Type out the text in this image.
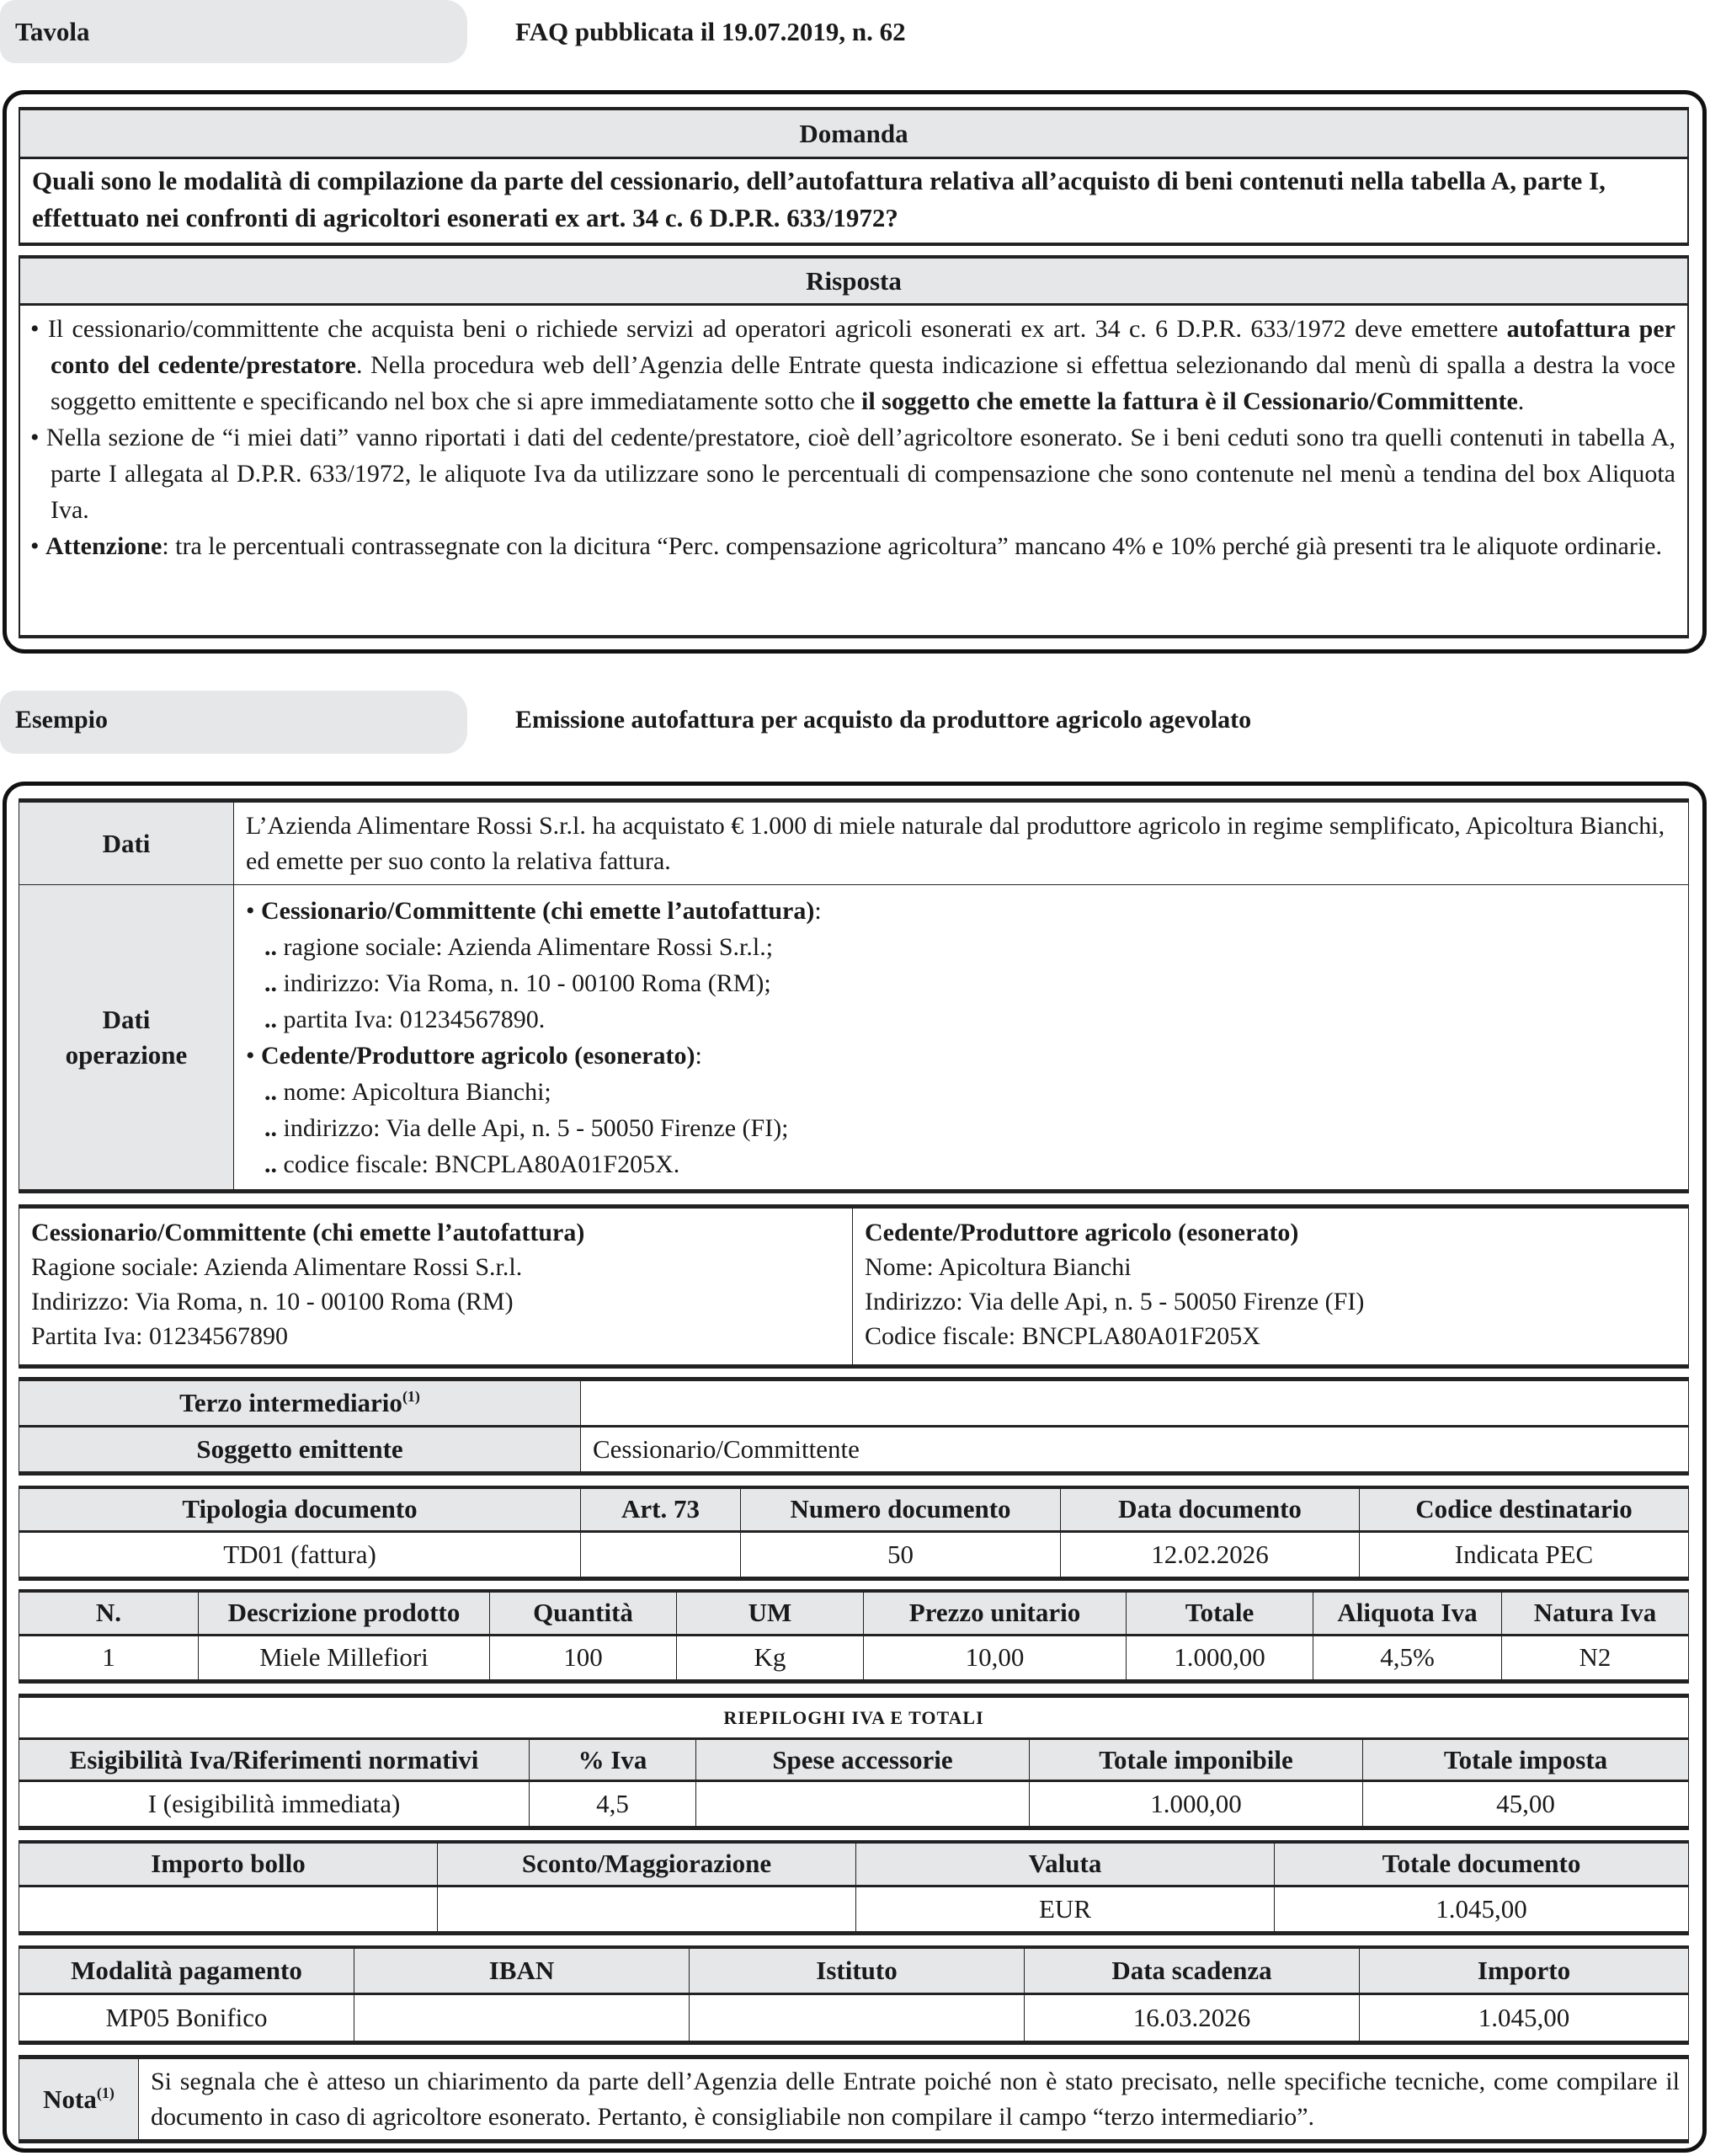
Tavola	FAQ pubblicata il 19.07.2019, n. 62
Domanda
Quali sono le modalità di compilazione da parte del cessionario, dell’autofattura relativa all’acquisto di beni contenuti nella tabella A, parte I, effettuato nei confronti di agricoltori esonerati ex art. 34 c. 6 D.P.R. 633/1972?
Risposta

• Il cessionario/committente che acquista beni o richiede servizi ad operatori agricoli esonerati ex art. 34 c. 6 D.P.R. 633/1972 deve emettere autofattura per conto del cedente/prestatore. Nella procedura web dell’Agenzia delle Entrate questa indicazione si effettua selezionando dal menù di spalla a destra la voce soggetto emittente e specificando nel box che si apre immediatamente sotto che il soggetto che emette la fattura è il Cessionario/Committente.

• Nella sezione de “i miei dati” vanno riportati i dati del cedente/prestatore, cioè dell’agricoltore esonerato. Se i beni ceduti sono tra quelli contenuti in tabella A, parte I allegata al D.P.R. 633/1972, le aliquote Iva da utilizzare sono le percentuali di compensazione che sono contenute nel menù a tendina del box Aliquota Iva.

• Attenzione: tra le percentuali contrassegnate con la dicitura “Perc. compensazione agricoltura” mancano 4% e 10% perché già presenti tra le aliquote ordinarie.

Esempio	Emissione autofattura per acquisto da produttore agricolo agevolato
Dati	L’Azienda Alimentare Rossi S.r.l. ha acquistato € 1.000 di miele naturale dal produttore agricolo in regime semplificato, Apicoltura Bianchi, ed emette per suo conto la relativa fattura.

Dati
operazione

• Cessionario/Committente (chi emette l’autofattura):
.. ragione sociale: Azienda Alimentare Rossi S.r.l.;
.. indirizzo: Via Roma, n. 10 - 00100 Roma (RM);
.. partita Iva: 01234567890.
• Cedente/Produttore agricolo (esonerato):
.. nome: Apicoltura Bianchi;
.. indirizzo: Via delle Api, n. 5 - 50050 Firenze (FI);
.. codice fiscale: BNCPLA80A01F205X.
Cessionario/Committente (chi emette l’autofattura)
Ragione sociale: Azienda Alimentare Rossi S.r.l.
Indirizzo: Via Roma, n. 10 - 00100 Roma (RM)
Partita Iva: 01234567890

Cedente/Produttore agricolo (esonerato)
Nome: Apicoltura Bianchi
Indirizzo: Via delle Api, n. 5 - 50050 Firenze (FI)
Codice fiscale: BNCPLA80A01F205X
Terzo intermediario$^{(1)}$	
Soggetto emittente	Cessionario/Committente
Tipologia documento	Art. 73	Numero documento	Data documento	Codice destinatario
TD01 (fattura)		50	12.02.2026	Indicata PEC
N.	Descrizione prodotto	Quantità	UM	Prezzo unitario	Totale	Aliquota Iva	Natura Iva
1	Miele Millefiori	100	Kg	10,00	1.000,00	4,5%	N2
RIEPILOGHI IVA E TOTALI				
Esigibilità Iva/Riferimenti normativi	% Iva	Spese accessorie	Totale imponibile	Totale imposta
I (esigibilità immediata)	4,5		1.000,00	45,00
Importo bollo	Sconto/Maggiorazione	Valuta	Totale documento
		EUR	1.045,00
Modalità pagamento	IBAN	Istituto	Data scadenza	Importo
MP05 Bonifico			16.03.2026	1.045,00
Nota$^{(1)}$	Si segnala che è atteso un chiarimento da parte dell’Agenzia delle Entrate poiché non è stato precisato, nelle specifiche tecniche, come compilare il documento in caso di agricoltore esonerato. Pertanto, è consigliabile non compilare il campo “terzo intermediario”.
